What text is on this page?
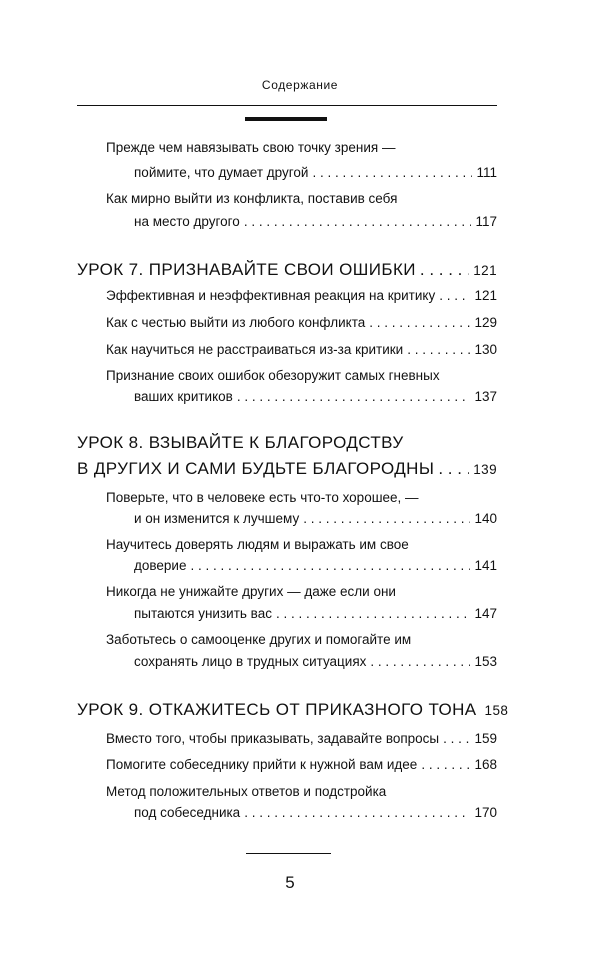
Содержание
Прежде чем навязывать свою точку зрения —
поймите, что думает другой . . .	111
Как мирно выйти из конфликта, поставив себя
на место другого . . .	117
УРОК 7. ПРИЗНАВАЙТЕ СВОИ ОШИБКИ . . .	121
Эффективная и неэффективная реакция на критику . . .	121
Как с честью выйти из любого конфликта . . .	129
Как научиться не расстраиваться из-за критики . . .	130
Признание своих ошибок обезоружит самых гневных
ваших критиков . . .	137
УРОК 8. ВЗЫВАЙТЕ К БЛАГОРОДСТВУ
В ДРУГИХ И САМИ БУДЬТЕ БЛАГОРОДНЫ . . .	139
Поверьте, что в человеке есть что-то хорошее, —
и он изменится к лучшему . . .	140
Научитесь доверять людям и выражать им свое
доверие . . .	141
Никогда не унижайте других — даже если они
пытаются унизить вас . . .	147
Заботьтесь о самооценке других и помогайте им
сохранять лицо в трудных ситуациях . . .	153
УРОК 9. ОТКАЖИТЕСЬ ОТ ПРИКАЗНОГО ТОНА 158
Вместо того, чтобы приказывать, задавайте вопросы . . .	159
Помогите собеседнику прийти к нужной вам идее . . .	168
Метод положительных ответов и подстройка
под собеседника . . .	170
5
